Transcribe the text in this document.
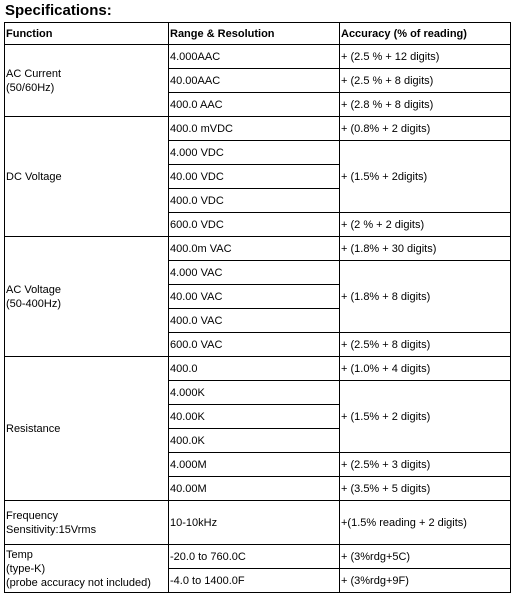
Specifications:
Function	Range & Resolution	Accuracy (% of reading)
AC Current
(50/60Hz)	4.000AAC	+ (2.5 % + 12 digits)
	40.00AAC	+ (2.5 % + 8 digits)
	400.0 AAC	+ (2.8 % + 8 digits)
DC Voltage	400.0 mVDC	+ (0.8% + 2 digits)
	4.000 VDC	+ (1.5% + 2digits)
	40.00 VDC	
	400.0 VDC	
	600.0 VDC	+ (2 % + 2 digits)
AC Voltage
(50-400Hz)	400.0m VAC	+ (1.8% + 30 digits)
	4.000 VAC	+ (1.8% + 8 digits)
	40.00 VAC	
	400.0 VAC	
	600.0 VAC	+ (2.5% + 8 digits)
Resistance	400.0	+ (1.0% + 4 digits)
	4.000K	+ (1.5% + 2 digits)
	40.00K	
	400.0K	
	4.000M	+ (2.5% + 3 digits)
	40.00M	+ (3.5% + 5 digits)
Frequency
Sensitivity:15Vrms	10-10kHz	+(1.5% reading + 2 digits)
Temp
(type-K)
(probe accuracy not included)	-20.0 to 760.0C	+ (3%rdg+5C)
	-4.0 to 1400.0F	+ (3%rdg+9F)
